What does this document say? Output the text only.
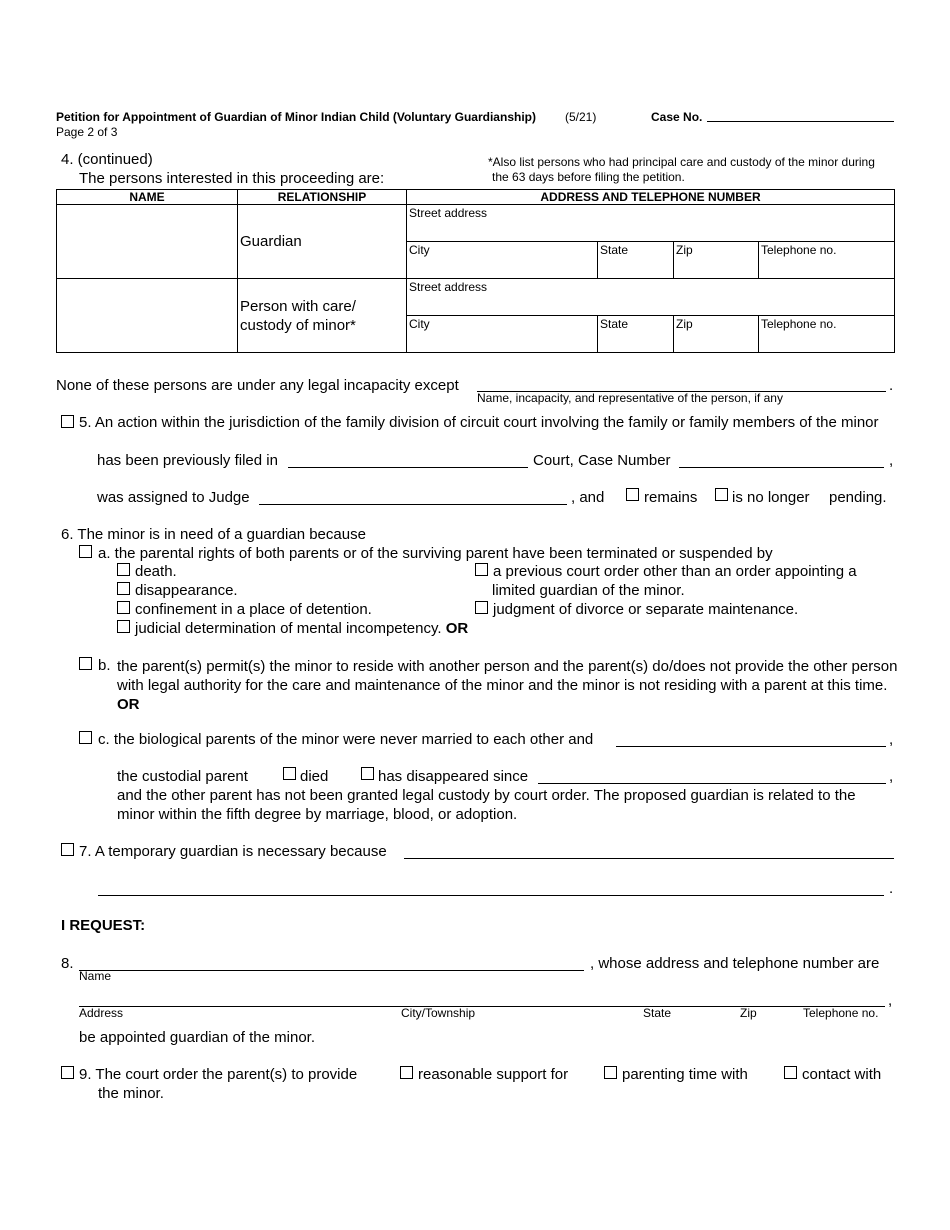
Petition for Appointment of Guardian of Minor Indian Child (Voluntary Guardianship) (5/21)	Case No.
Page 2 of 3
4. (continued)
The persons interested in this proceeding are:
*Also list persons who had principal care and custody of the minor during
the 63 days before filing the petition.
NAME	RELATIONSHIP	ADDRESS AND TELEPHONE NUMBER			

	Guardian	Street address			

		City	State	Zip	Telephone no.

	Person with care/
custody of minor*	Street address			

		City	State	Zip	Telephone no.
None of these persons are under any legal incapacity except	.
Name, incapacity, and representative of the person, if any
5. An action within the jurisdiction of the family division of circuit court involving the family or family members of the minor
has been previously filed in	Court, Case Number	,
was assigned to Judge	, and	remains is no longer pending.
6. The minor is in need of a guardian because
a. the parental rights of both parents or of the surviving parent have been terminated or suspended by
death.
disappearance.
confinement in a place of detention.
judicial determination of mental incompetency. OR
a previous court order other than an order appointing a
limited guardian of the minor.
judgment of divorce or separate maintenance.
b. the parent(s) permit(s) the minor to reside with another person and the parent(s) do/does not provide the other person with legal authority for the care and maintenance of the minor and the minor is not residing with a parent at this time. OR
c. the biological parents of the minor were never married to each other and	,
the custodial parent	died	has disappeared since	,
and the other parent has not been granted legal custody by court order. The proposed guardian is related to the
minor within the fifth degree by marriage, blood, or adoption.
7. A temporary guardian is necessary because
.
I REQUEST:
8.	, whose address and telephone number are
Name
,
Address	City/Township	State	Zip	Telephone no.
be appointed guardian of the minor.
9. The court order the parent(s) to provide
the minor.
reasonable support for	parenting time with	contact with
